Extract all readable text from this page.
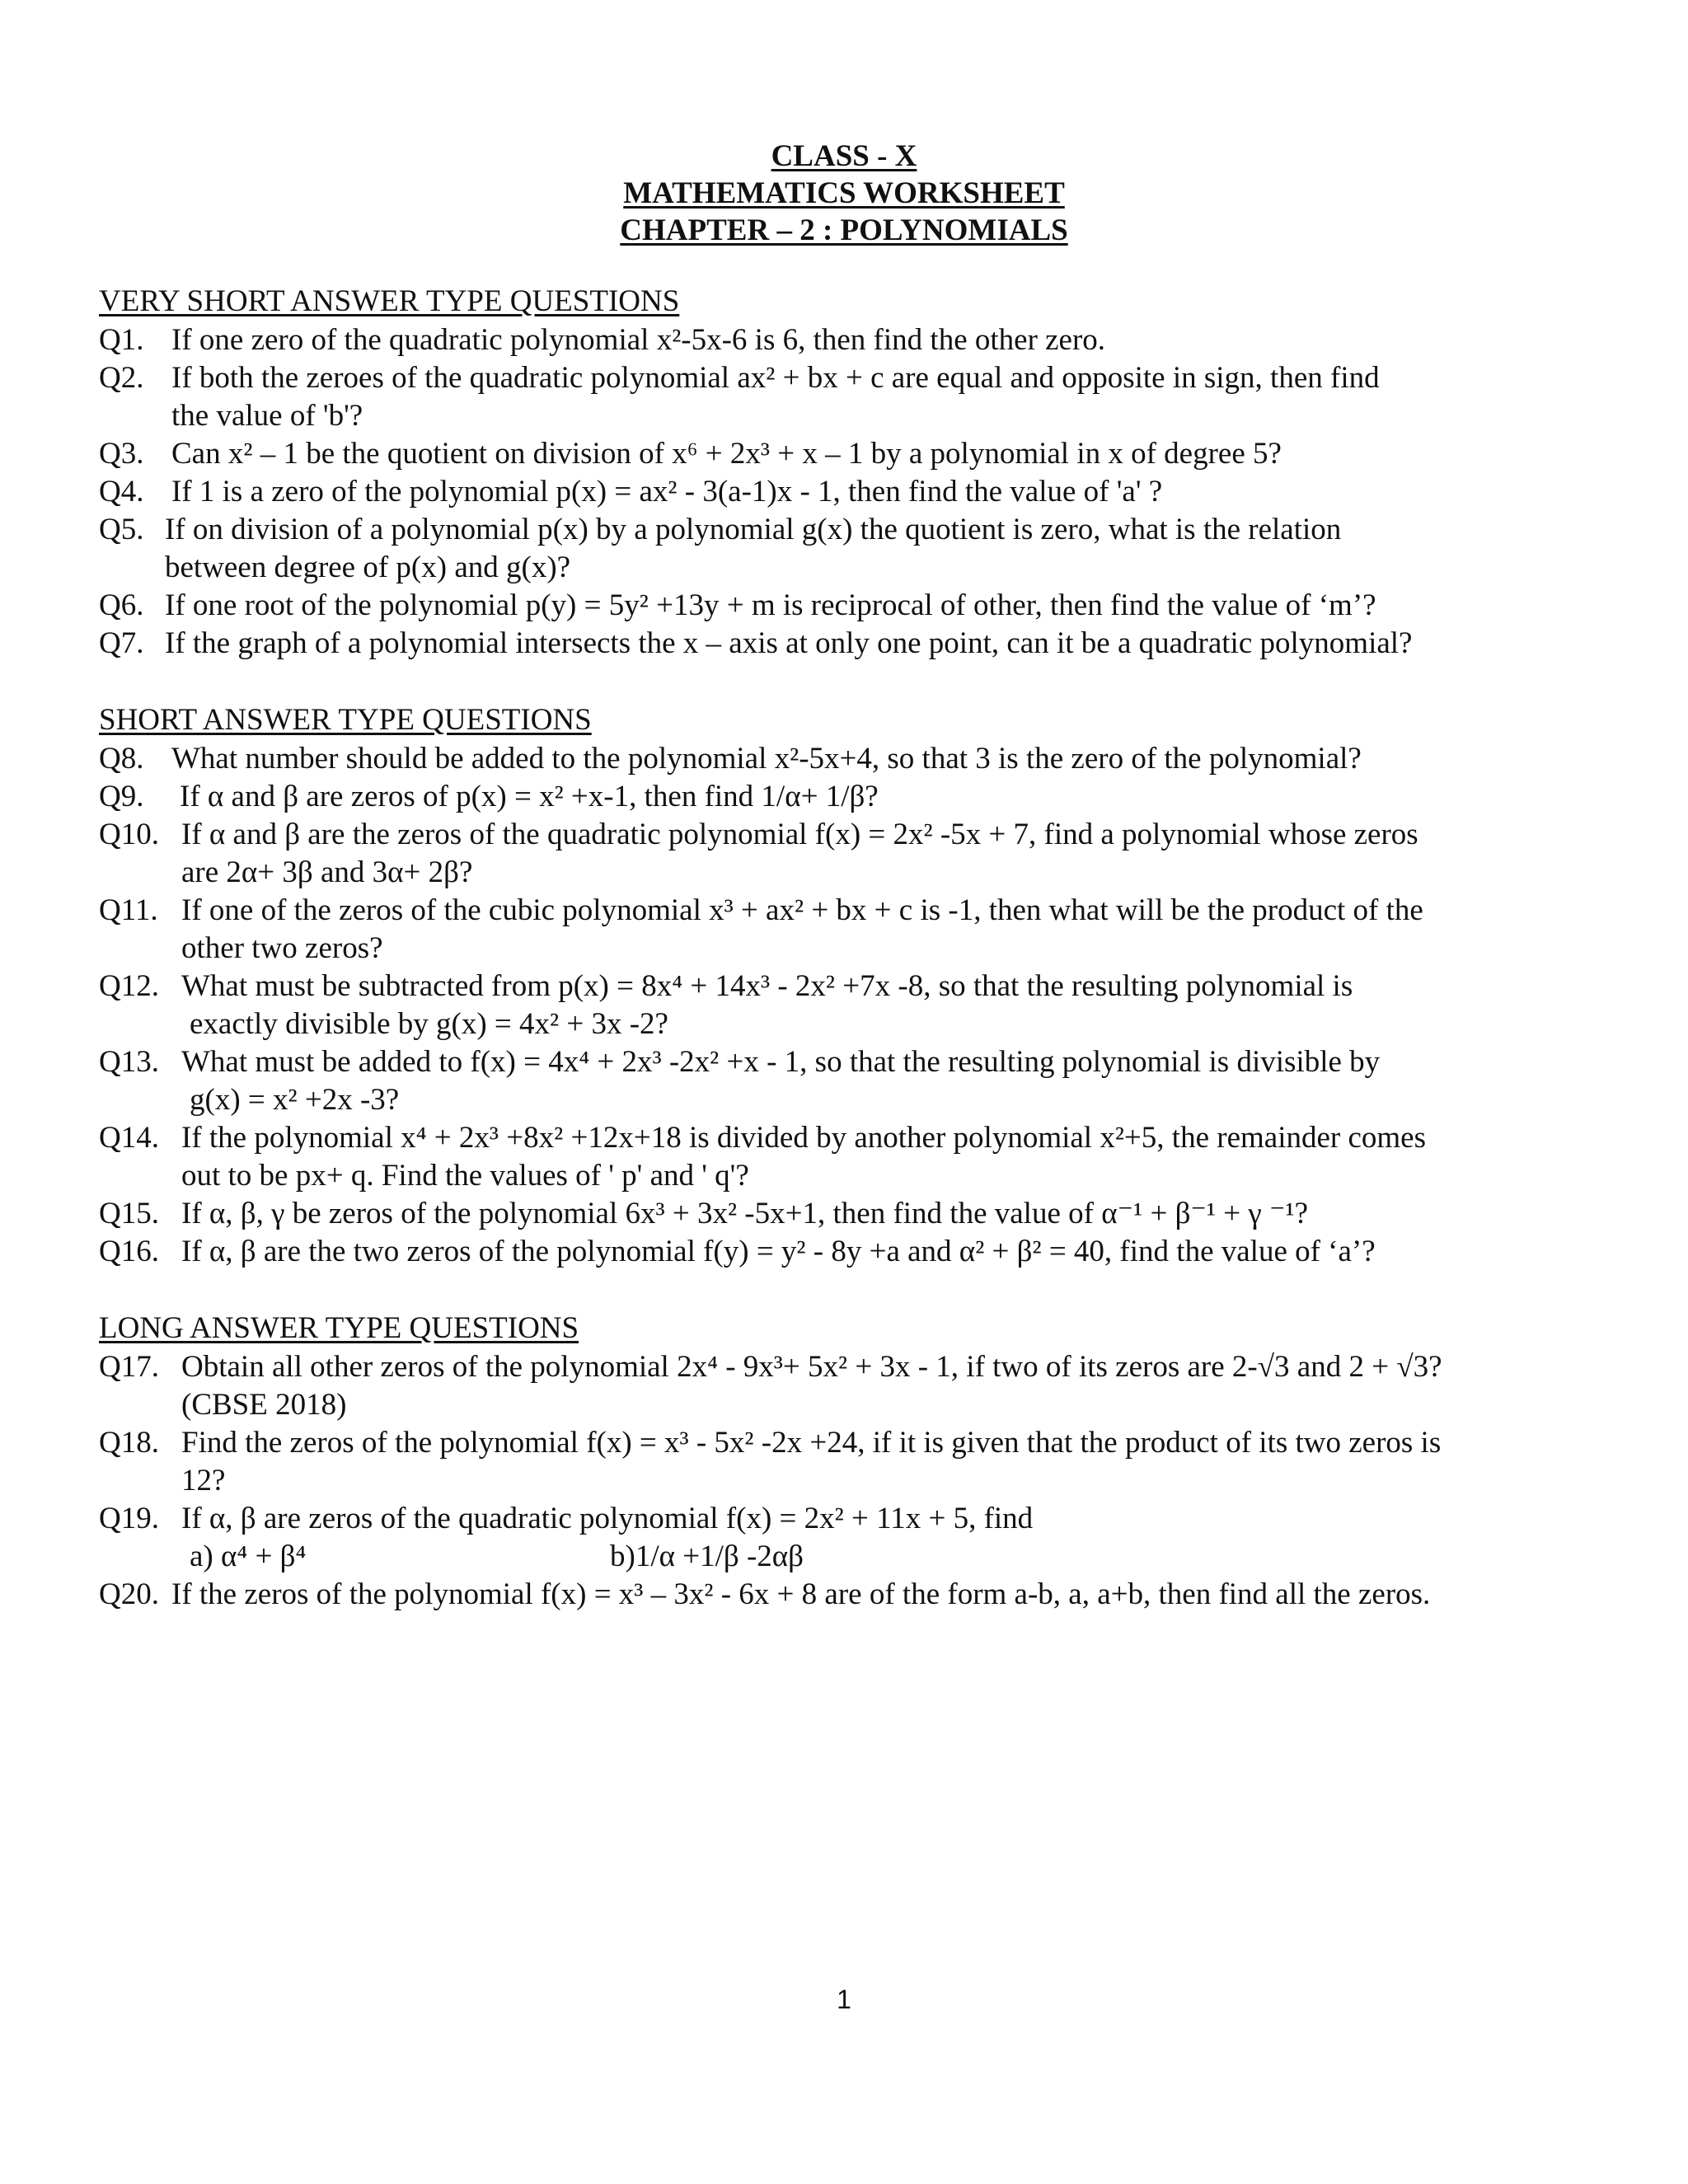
CLASS - X
MATHEMATICS WORKSHEET
CHAPTER – 2 : POLYNOMIALS
VERY SHORT ANSWER TYPE QUESTIONS
Q1. If one zero of the quadratic polynomial x²-5x-6 is 6, then find the other zero.
Q2. If both the zeroes of the quadratic polynomial ax² + bx + c are equal and opposite in sign, then find
the value of 'b'?
Q3. Can x² – 1 be the quotient on division of x⁶ + 2x³ + x – 1 by a polynomial in x of degree 5?
Q4. If 1 is a zero of the polynomial p(x) = ax² - 3(a-1)x - 1, then find the value of 'a' ?
Q5. If on division of a polynomial p(x) by a polynomial g(x) the quotient is zero, what is the relation
between degree of p(x) and g(x)?
Q6. If one root of the polynomial p(y) = 5y² +13y + m is reciprocal of other, then find the value of ‘m’?
Q7. If the graph of a polynomial intersects the x – axis at only one point, can it be a quadratic polynomial?
SHORT ANSWER TYPE QUESTIONS
Q8. What number should be added to the polynomial x²-5x+4, so that 3 is the zero of the polynomial?
Q9. If α and β are zeros of p(x) = x² +x-1, then find 1/α+ 1/β?
Q10. If α and β are the zeros of the quadratic polynomial f(x) = 2x² -5x + 7, find a polynomial whose zeros
are 2α+ 3β and 3α+ 2β?
Q11. If one of the zeros of the cubic polynomial x³ + ax² + bx + c is -1, then what will be the product of the
other two zeros?
Q12. What must be subtracted from p(x) = 8x⁴ + 14x³ - 2x² +7x -8, so that the resulting polynomial is
exactly divisible by g(x) = 4x² + 3x -2?
Q13. What must be added to f(x) = 4x⁴ + 2x³ -2x² +x - 1, so that the resulting polynomial is divisible by
g(x) = x² +2x -3?
Q14. If the polynomial x⁴ + 2x³ +8x² +12x+18 is divided by another polynomial x²+5, the remainder comes
out to be px+ q. Find the values of ' p' and ' q'?
Q15. If α, β, γ be zeros of the polynomial 6x³ + 3x² -5x+1, then find the value of α⁻¹ + β⁻¹ + γ ⁻¹?
Q16. If α, β are the two zeros of the polynomial f(y) = y² - 8y +a and α² + β² = 40, find the value of ‘a’?
LONG ANSWER TYPE QUESTIONS
Q17. Obtain all other zeros of the polynomial 2x⁴ - 9x³+ 5x² + 3x - 1, if two of its zeros are 2-√3 and 2 + √3?
(CBSE 2018)
Q18. Find the zeros of the polynomial f(x) = x³ - 5x² -2x +24, if it is given that the product of its two zeros is
12?
Q19. If α, β are zeros of the quadratic polynomial f(x) = 2x² + 11x + 5, find
a) α⁴ + β⁴	b)1/α +1/β -2αβ
Q20. If the zeros of the polynomial f(x) = x³ – 3x² - 6x + 8 are of the form a-b, a, a+b, then find all the zeros.
1
